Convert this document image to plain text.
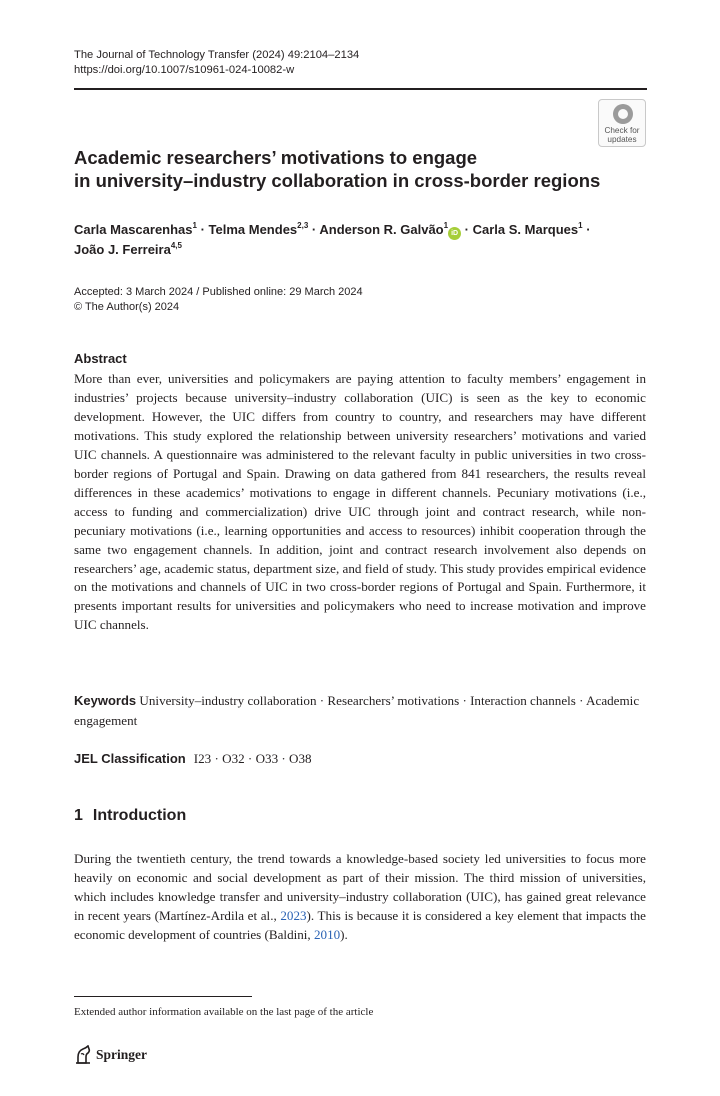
The Journal of Technology Transfer (2024) 49:2104–2134
https://doi.org/10.1007/s10961-024-10082-w
Check for
updates
Academic researchers’ motivations to engage
in university–industry collaboration in cross-border regions
Carla Mascarenhas$^1$ · Telma Mendes$^{2,3}$ · Anderson R. Galvão$^1$iD · Carla S. Marques$^1$ ·
João J. Ferreira$^{4,5}$
Accepted: 3 March 2024 / Published online: 29 March 2024
© The Author(s) 2024
Abstract
More than ever, universities and policymakers are paying attention to faculty members’ engagement in industries’ projects because university–industry collaboration (UIC) is seen as the key to economic development. However, the UIC differs from country to country, and researchers may have different motivations. This study explored the relationship between university researchers’ motivations and varied UIC channels. A questionnaire was administered to the relevant faculty in public universities in two cross-border regions of Portugal and Spain. Drawing on data gathered from 841 researchers, the results reveal differences in these academics’ motivations to engage in different channels. Pecuniary motivations (i.e., access to funding and commercialization) drive UIC through joint and contract research, while non-pecuniary motivations (i.e., learning opportunities and access to resources) inhibit cooperation through the same two engagement channels. In addition, joint and contract research involvement also depends on researchers’ age, academic status, department size, and field of study. This study provides empirical evidence on the motivations and channels of UIC in two cross-border regions of Portugal and Spain. Furthermore, it presents important results for universities and policymakers who need to increase motivation and improve UIC channels.
Keywords University–industry collaboration · Researchers’ motivations · Interaction channels · Academic engagement
JEL Classification I23 · O32 · O33 · O38
1 Introduction
During the twentieth century, the trend towards a knowledge-based society led universities to focus more heavily on economic and social development as part of their mission. The third mission of universities, which includes knowledge transfer and university–industry collaboration (UIC), has gained great relevance in recent years (Martínez-Ardila et al., 2023). This is because it is considered a key element that impacts the economic development of countries (Baldini, 2010).
Extended author information available on the last page of the article
Springer
